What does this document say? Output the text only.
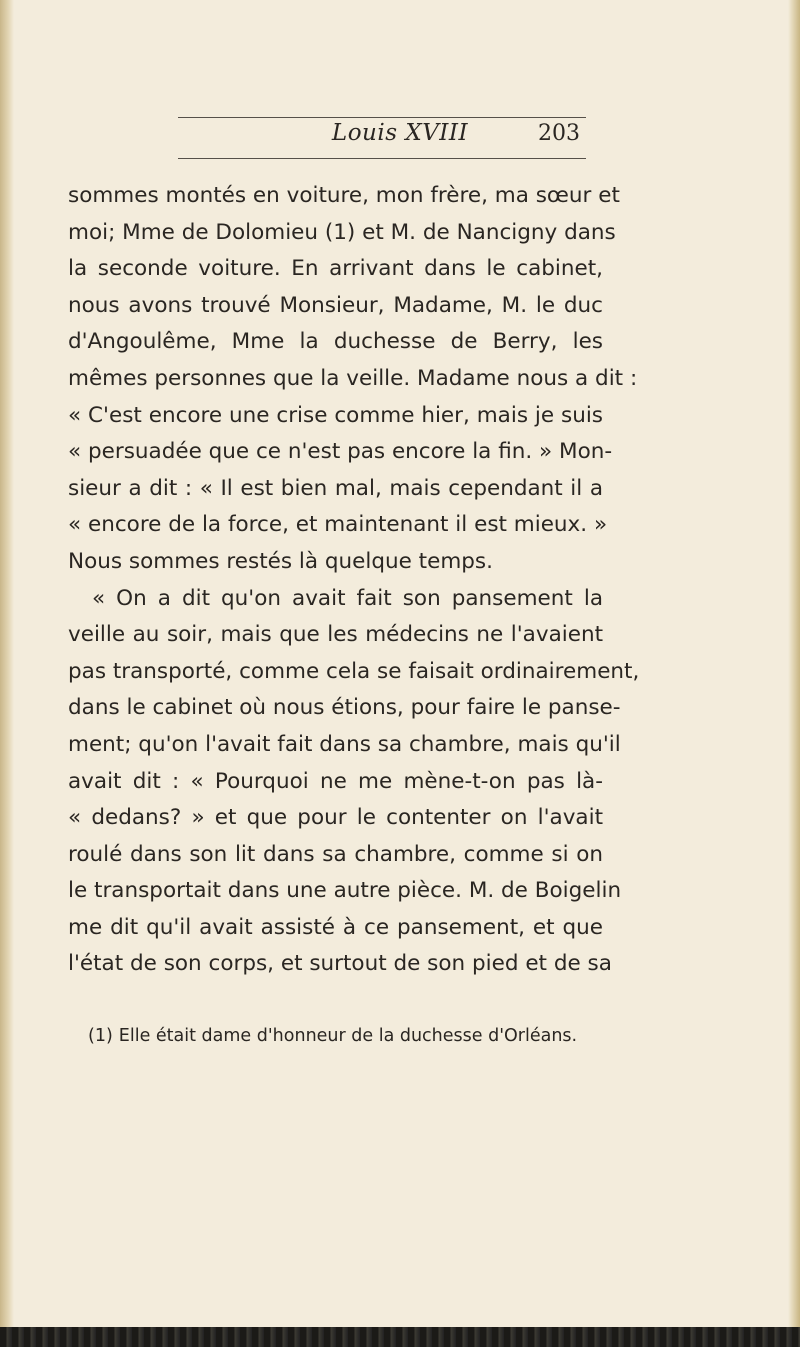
Louis XVIII	203
sommes montés en voiture, mon frère, ma sœur et
moi; Mme de Dolomieu (1) et M. de Nancigny dans
la seconde voiture. En arrivant dans le cabinet,
nous avons trouvé Monsieur, Madame, M. le duc
d'Angoulême, Mme la duchesse de Berry, les
mêmes personnes que la veille. Madame nous a dit :
« C'est encore une crise comme hier, mais je suis
« persuadée que ce n'est pas encore la fin. » Mon-
sieur a dit : « Il est bien mal, mais cependant il a
« encore de la force, et maintenant il est mieux. »
Nous sommes restés là quelque temps.
« On a dit qu'on avait fait son pansement la
veille au soir, mais que les médecins ne l'avaient
pas transporté, comme cela se faisait ordinairement,
dans le cabinet où nous étions, pour faire le panse-
ment; qu'on l'avait fait dans sa chambre, mais qu'il
avait dit : « Pourquoi ne me mène-t-on pas là-
« dedans? » et que pour le contenter on l'avait
roulé dans son lit dans sa chambre, comme si on
le transportait dans une autre pièce. M. de Boigelin
me dit qu'il avait assisté à ce pansement, et que
l'état de son corps, et surtout de son pied et de sa
(1) Elle était dame d'honneur de la duchesse d'Orléans.
